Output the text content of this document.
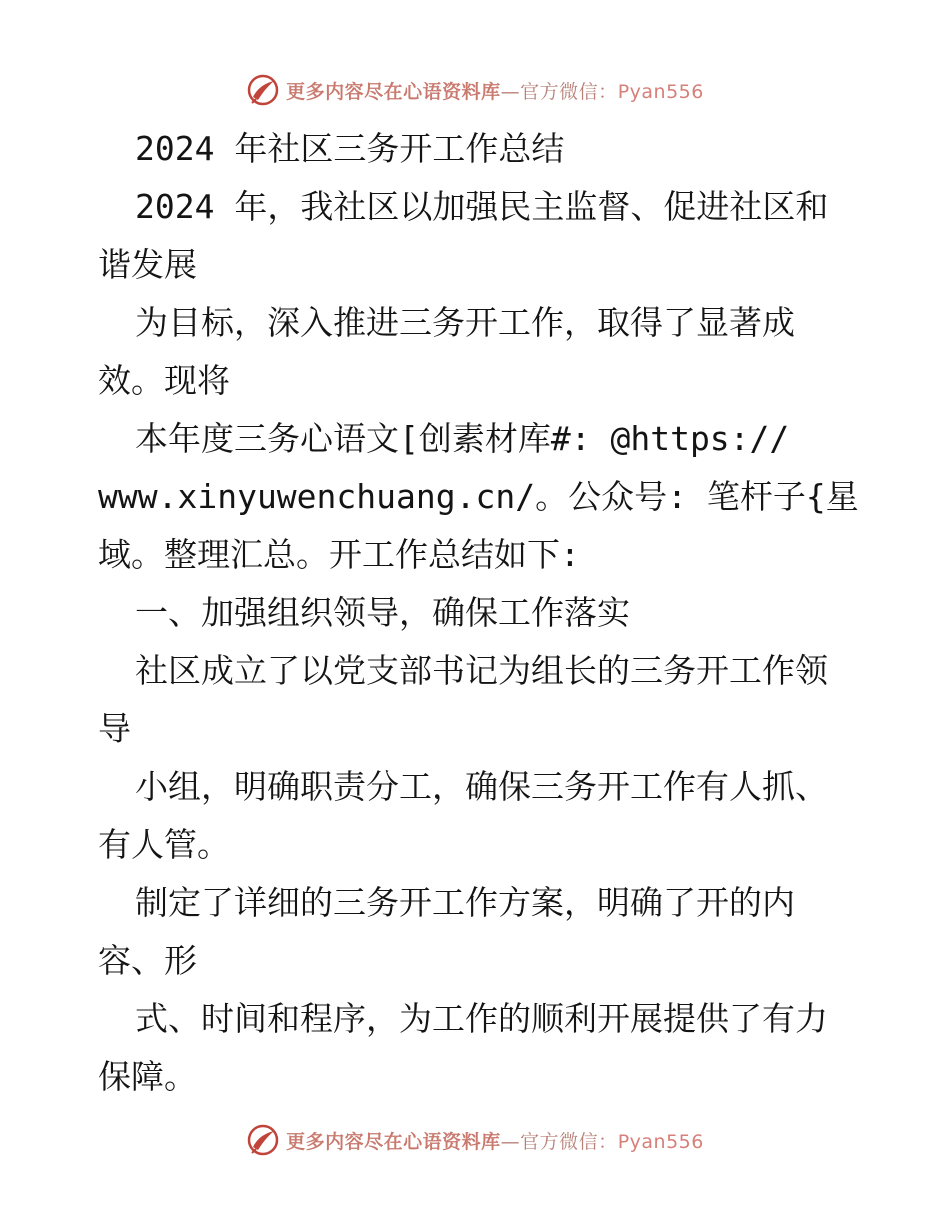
更多内容尽在心语资料库—官方微信：Pyan556
2024 年社区三务开工作总结
2024 年，我社区以加强民主监督、促进社区和
谐发展
为目标，深入推进三务开工作，取得了显著成
效。现将
本年度三务心语文[创素材库#: @https://
www.xinyuwenchuang.cn/。公众号: 笔杆子{星
域。整理汇总。开工作总结如下:
一、加强组织领导，确保工作落实
社区成立了以党支部书记为组长的三务开工作领
导
小组，明确职责分工，确保三务开工作有人抓、
有人管。
制定了详细的三务开工作方案，明确了开的内
容、形
式、时间和程序，为工作的顺利开展提供了有力
保障。
更多内容尽在心语资料库—官方微信：Pyan556
